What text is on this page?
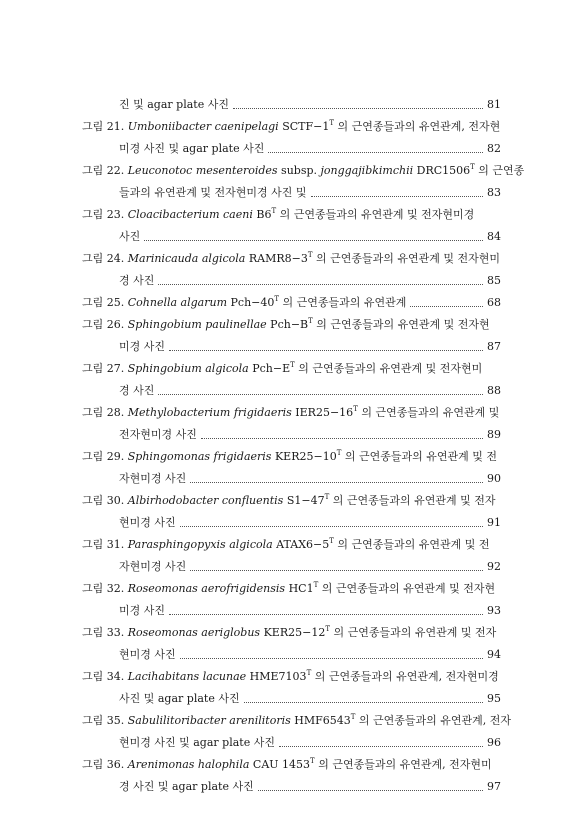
진 및 agar plate 사진	81
그림 21. Umboniibacter caenipelagi $SCTF-1^T$ 의 근연종들과의 유연관계, 전자현
미경 사진 및 agar plate 사진	82
그림 22. Leuconotoc mesenteroides subsp. jonggajibkimchii $DRC1506^T$ 의 근연종
들과의 유연관계 및 전자현미경 사진 및	83
그림 23. Cloacibacterium caeni $B6^T$ 의 근연종들과의 유연관계 및 전자현미경
사진	84
그림 24. Marinicauda algicola $RAMR8-3^T$ 의 근연종들과의 유연관계 및 전자현미
경 사진	85
그림 25. Cohnella algarum $Pch-40^T$ 의 근연종들과의 유연관계	68
그림 26. Sphingobium paulinellae $Pch-B^T$ 의 근연종들과의 유연관계 및 전자현
미경 사진	87
그림 27. Sphingobium algicola $Pch-E^T$ 의 근연종들과의 유연관계 및 전자현미
경 사진	88
그림 28. Methylobacterium frigidaeris $IER25-16^T$ 의 근연종들과의 유연관계 및
전자현미경 사진	89
그림 29. Sphingomonas frigidaeris $KER25-10^T$ 의 근연종들과의 유연관계 및 전
자현미경 사진	90
그림 30. Albirhodobacter confluentis $S1-47^T$ 의 근연종들과의 유연관계 및 전자
현미경 사진	91
그림 31. Parasphingopyxis algicola $ATAX6-5^T$ 의 근연종들과의 유연관계 및 전
자현미경 사진	92
그림 32. Roseomonas aerofrigidensis $HC1^T$ 의 근연종들과의 유연관계 및 전자현
미경 사진	93
그림 33. Roseomonas aeriglobus $KER25-12^T$ 의 근연종들과의 유연관계 및 전자
현미경 사진	94
그림 34. Lacihabitans lacunae $HME7103^T$ 의 근연종들과의 유연관계, 전자현미경
사진 및 agar plate 사진	95
그림 35. Sabulilitoribacter arenilitoris $HMF6543^T$ 의 근연종들과의 유연관계, 전자
현미경 사진 및 agar plate 사진	96
그림 36. Arenimonas halophila CAU $1453^T$ 의 근연종들과의 유연관계, 전자현미
경 사진 및 agar plate 사진	97
